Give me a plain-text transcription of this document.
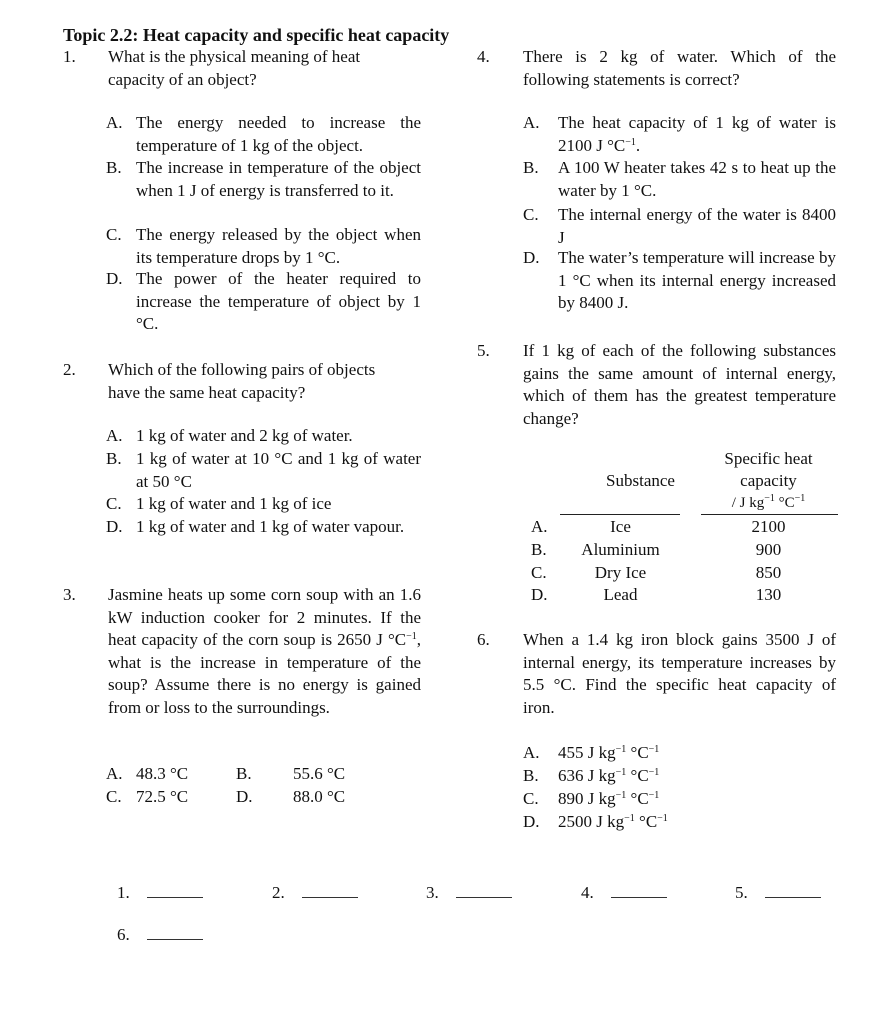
Topic 2.2: Heat capacity and specific heat capacity
1.	What is the physical meaning of heat
capacity of an object?
A. The energy needed to increase the temperature of 1 kg of the object.
B. The increase in temperature of the object when 1 J of energy is transferred to it.
C. The energy released by the object when its temperature drops by 1 °C.
D. The power of the heater required to increase the temperature of object by 1 °C.
2.	Which of the following pairs of objects
have the same heat capacity?
A. 1 kg of water and 2 kg of water.
B. 1 kg of water at 10 °C and 1 kg of water at 50 °C
C. 1 kg of water and 1 kg of ice
D. 1 kg of water and 1 kg of water vapour.
3.	Jasmine heats up some corn soup with an 1.6 kW induction cooker for 2 minutes. If the heat capacity of the corn soup is 2650 J $^\circ C^{-1}$, what is the increase in temperature of the soup? Assume there is no energy is gained from or loss to the surroundings.
A. 48.3 °C	B.	55.6 °C
C. 72.5 °C	D.	88.0 °C
4.	There is 2 kg of water. Which of the following statements is correct?
A.	The heat capacity of 1 kg of water is 2100 J $^\circ C^{-1}$.
B.	A 100 W heater takes 42 s to heat up the water by 1 °C.
C.	The internal energy of the water is 8400 J
D.	The water’s temperature will increase by 1 °C when its internal energy increased by 8400 J.
5.	If 1 kg of each of the following substances gains the same amount of internal energy, which of them has the greatest temperature change?
Substance
Specific heat
capacity
/ J $kg^{-1}$ $^\circ C^{-1}$
A.	Ice	2100
B.	Aluminium	900
C.	Dry Ice	850
D.	Lead	130
6.	When a 1.4 kg iron block gains 3500 J of internal energy, its temperature increases by 5.5 °C. Find the specific heat capacity of iron.
A.	455 J $kg^{-1}$ $^\circ C^{-1}$
B.	636 J $kg^{-1}$ $^\circ C^{-1}$
C.	890 J $kg^{-1}$ $^\circ C^{-1}$
D.	2500 J $kg^{-1}$ $^\circ C^{-1}$
1.	2.	3.	4.	5.
6.
